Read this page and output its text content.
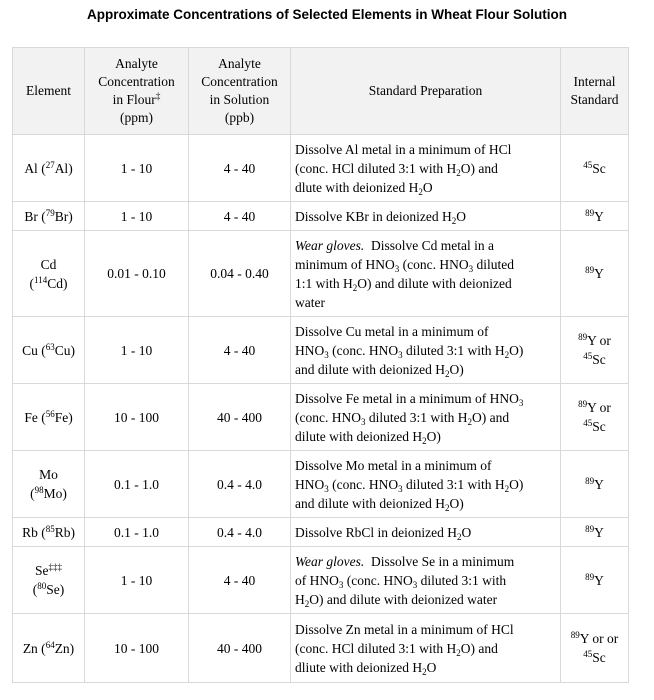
Approximate Concentrations of Selected Elements in Wheat Flour Solution
Element	Analyte
Concentration
in Flour‡
(ppm)	Analyte
Concentration
in Solution
(ppb)	Standard Preparation	Internal
Standard
Al ($^{27}$Al)	1 - 10	4 - 40	Dissolve Al metal in a minimum of HCl
(conc. HCl diluted 3:1 with $H_2O$) and
dlute with deionized $H_2O$	$^{45}$Sc
Br ($^{79}$Br)	1 - 10	4 - 40	Dissolve KBr in deionized $H_2O$	$^{89}$Y
Cd
($^{114}$Cd)	0.01 - 0.10	0.04 - 0.40	Wear gloves.  Dissolve Cd metal in a
minimum of $HNO_3$ (conc. $HNO_3$ diluted
1:1 with $H_2O$) and dilute with deionized
water	$^{89}$Y
Cu ($^{63}$Cu)	1 - 10	4 - 40	Dissolve Cu metal in a minimum of
$HNO_3$ (conc. $HNO_3$ diluted 3:1 with $H_2O$)
and dilute with deionized $H_2O$)	$^{89}$Y or
$^{45}$Sc
Fe ($^{56}$Fe)	10 - 100	40 - 400	Dissolve Fe metal in a minimum of $HNO_3$
(conc. $HNO_3$ diluted 3:1 with $H_2O$) and
dilute with deionized $H_2O$)	$^{89}$Y or
$^{45}$Sc
Mo
($^{98}$Mo)	0.1 - 1.0	0.4 - 4.0	Dissolve Mo metal in a minimum of
$HNO_3$ (conc. $HNO_3$ diluted 3:1 with $H_2O$)
and dilute with deionized $H_2O$)	$^{89}$Y
Rb ($^{85}$Rb)	0.1 - 1.0	0.4 - 4.0	Dissolve RbCl in deionized $H_2O$	$^{89}$Y
Se‡‡‡
($^{80}$Se)	1 - 10	4 - 40	Wear gloves.  Dissolve Se in a minimum
of $HNO_3$ (conc. $HNO_3$ diluted 3:1 with
$H_2O$) and dilute with deionized water	$^{89}$Y
Zn ($^{64}$Zn)	10 - 100	40 - 400	Dissolve Zn metal in a minimum of HCl
(conc. HCl diluted 3:1 with $H_2O$) and
dliute with deionized $H_2O$	$^{89}$Y or or
$^{45}$Sc
